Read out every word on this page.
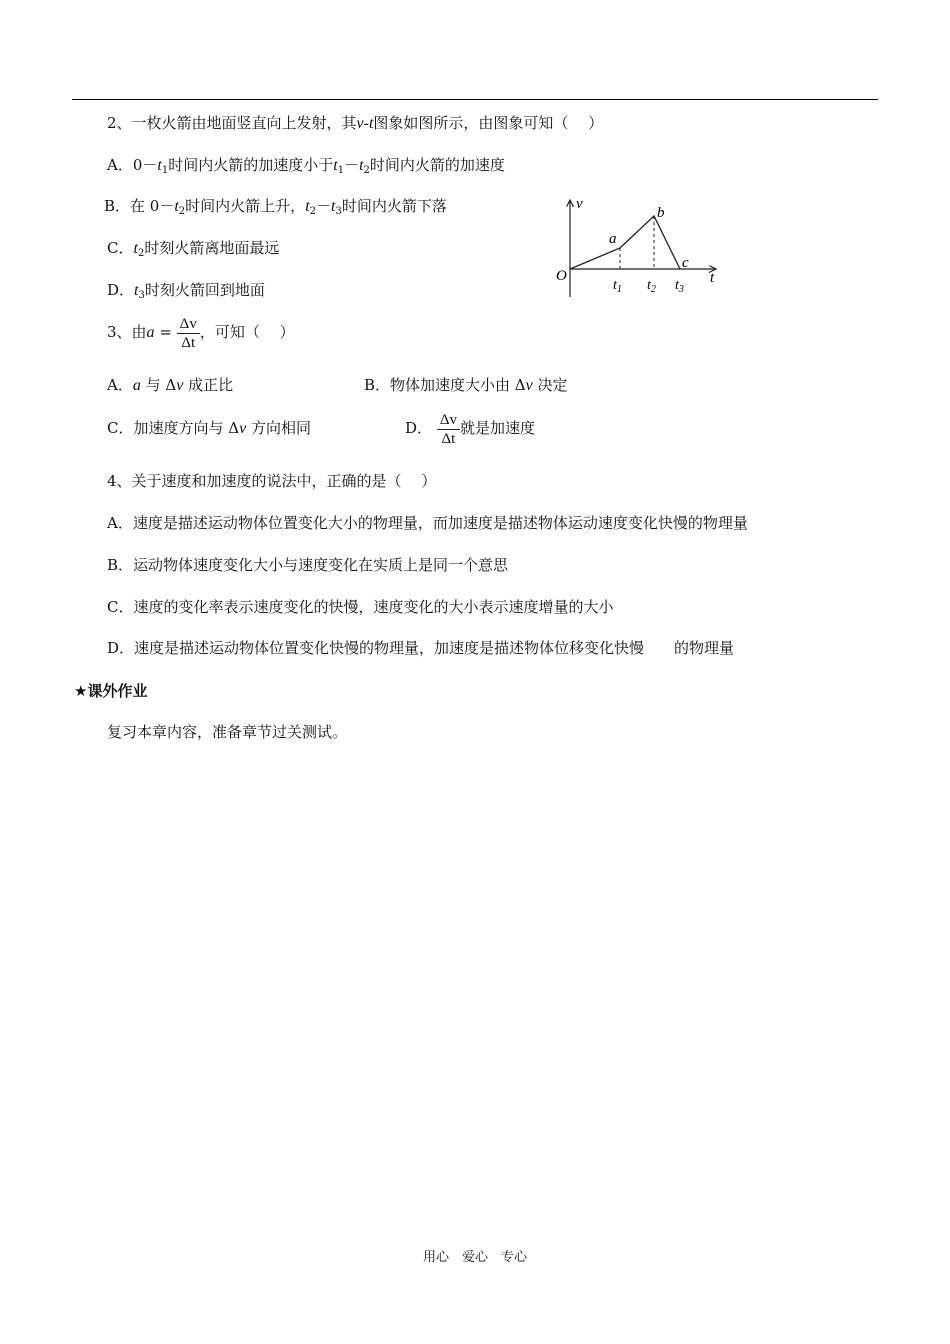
2、一枚火箭由地面竖直向上发射，其v-t图象如图所示，由图象可知（　 ）
A．$0-t_1$时间内火箭的加速度小于$t_1-t_2$时间内火箭的加速度
B．在 $0-t_2$时间内火箭上升，$t_2-t_3$时间内火箭下落
C．$t_2$时刻火箭离地面最远
D．$t_3$时刻火箭回到地面
v
t
O
a
b
c
$t_1$ $t_2$ $t_3$
3、由$a = \frac{\Delta v}{\Delta t}$ ，可知（　 ）
A．a 与 Δv 成正比	B．物体加速度大小由 Δv 决定
C．加速度方向与 Δv 方向相同	D． $\frac{\Delta v}{\Delta t}$ 就是加速度
4、关于速度和加速度的说法中，正确的是（　 ）
A．速度是描述运动物体位置变化大小的物理量，而加速度是描述物体运动速度变化快慢的物理量
B．运动物体速度变化大小与速度变化在实质上是同一个意思
C．速度的变化率表示速度变化的快慢，速度变化的大小表示速度增量的大小
D．速度是描述运动物体位置变化快慢的物理量，加速度是描述物体位移变化快慢　　的物理量
★课外作业
复习本章内容，准备章节过关测试。
用心　爱心　专心
